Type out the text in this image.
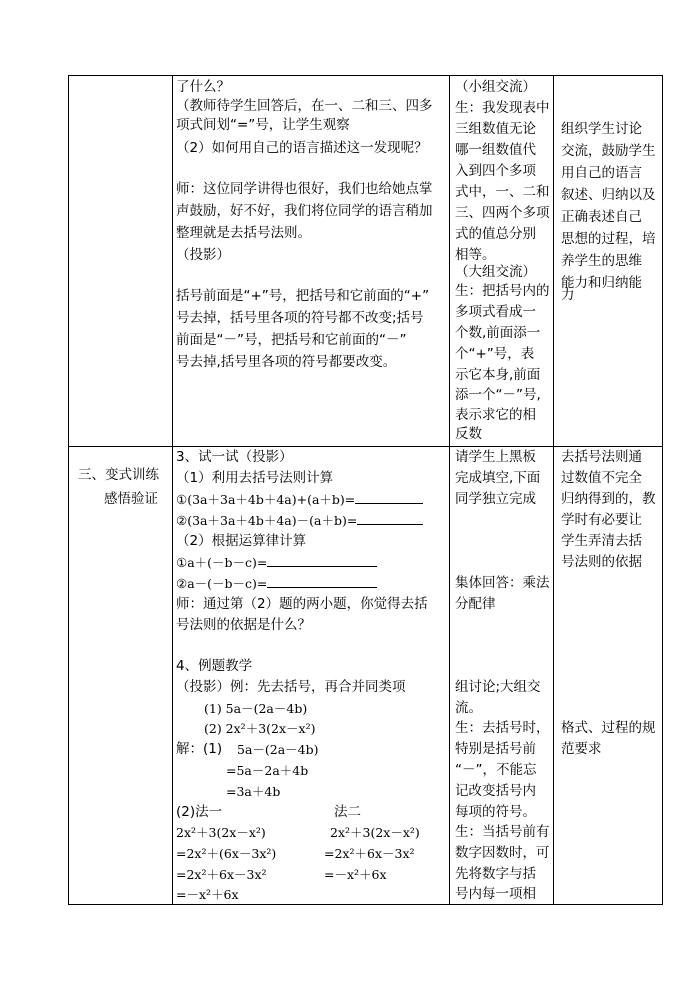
了什么？
（教师待学生回答后，在一、二和三、四多
项式间划“=”号，让学生观察
（2）如何用自己的语言描述这一发现呢？
师：这位同学讲得也很好，我们也给她点掌
声鼓励，好不好，我们将位同学的语言稍加
整理就是去括号法则。
（投影）
括号前面是“+”号，把括号和它前面的“+”
号去掉，括号里各项的符号都不改变;括号
前面是“－”号，把括号和它前面的“－”
号去掉,括号里各项的符号都要改变。
（小组交流）
生：我发现表中
三组数值无论
哪一组数值代
入到四个多项
式中，一、二和
三、四两个多项
式的值总分别
相等。
（大组交流）
生：把括号内的
多项式看成一
个数,前面添一
个“+”号，表
示它本身,前面
添一个“－”号,
表示求它的相
反数
组织学生讨论
交流，鼓励学生
用自己的语言
叙述、归纳以及
正确表述自己
思想的过程，培
养学生的思维
能力和归纳能
力
三、变式训练
感悟验证
3、试一试（投影）
（1）利用去括号法则计算
①(3a＋3a＋4b＋4a)+(a＋b)=
②(3a＋3a＋4b＋4a)－(a＋b)=
（2）根据运算律计算
①a＋(－b－c)=
②a－(－b－c)=
师：通过第（2）题的两小题，你觉得去括
号法则的依据是什么？
4、例题教学
（投影）例：先去括号，再合并同类项
(1) 5a－(2a－4b)
(2) 2x²＋3(2x－x²)
解：(1) 5a－(2a－4b)
=5a－2a＋4b
=3a＋4b
(2)法一	法二
2x²＋3(2x－x²)
=2x²＋(6x－3x²)
=2x²＋6x－3x²
=－x²＋6x
2x²＋3(2x－x²)
=2x²＋6x－3x²
=－x²＋6x
请学生上黑板
完成填空,下面
同学独立完成
集体回答：乘法
分配律
组讨论;大组交
流。
生：去括号时，
特别是括号前
“－”，不能忘
记改变括号内
每项的符号。
生：当括号前有
数字因数时，可
先将数字与括
号内每一项相
去括号法则通
过数值不完全
归纳得到的，教
学时有必要让
学生弄清去括
号法则的依据
格式、过程的规
范要求
